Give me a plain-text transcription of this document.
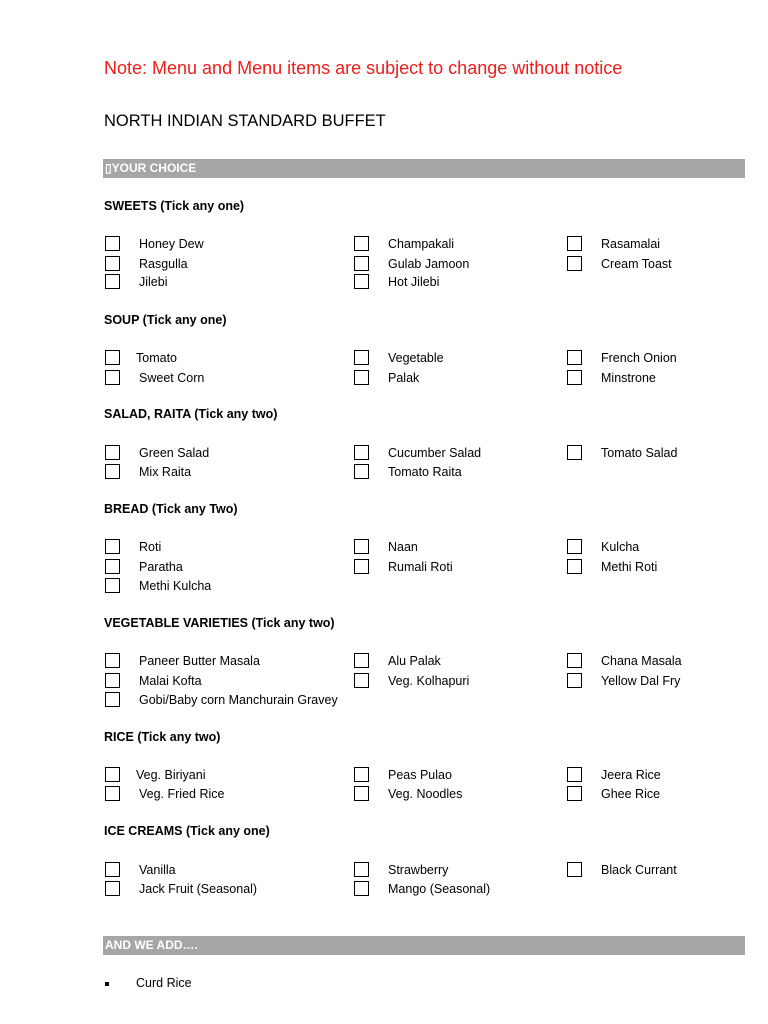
Note: Menu and Menu items are subject to change without notice
NORTH INDIAN STANDARD BUFFET
▯YOUR CHOICE
SWEETS (Tick any one)
Honey Dew	Champakali	Rasamalai
Rasgulla	Gulab Jamoon	Cream Toast
Jilebi	Hot Jilebi
SOUP (Tick any one)
Tomato	Vegetable	French Onion
Sweet Corn	Palak	Minstrone
SALAD, RAITA (Tick any two)
Green Salad	Cucumber Salad	Tomato Salad
Mix Raita	Tomato Raita
BREAD (Tick any Two)
Roti	Naan	Kulcha
Paratha	Rumali Roti	Methi Roti
Methi Kulcha
VEGETABLE VARIETIES (Tick any two)
Paneer Butter Masala	Alu Palak	Chana Masala
Malai Kofta	Veg. Kolhapuri	Yellow Dal Fry
Gobi/Baby corn Manchurain Gravey
RICE (Tick any two)
Veg. Biriyani	Peas Pulao	Jeera Rice
Veg. Fried Rice	Veg. Noodles	Ghee Rice
ICE CREAMS (Tick any one)
Vanilla	Strawberry	Black Currant
Jack Fruit (Seasonal)	Mango (Seasonal)
AND WE ADD….
Curd Rice
